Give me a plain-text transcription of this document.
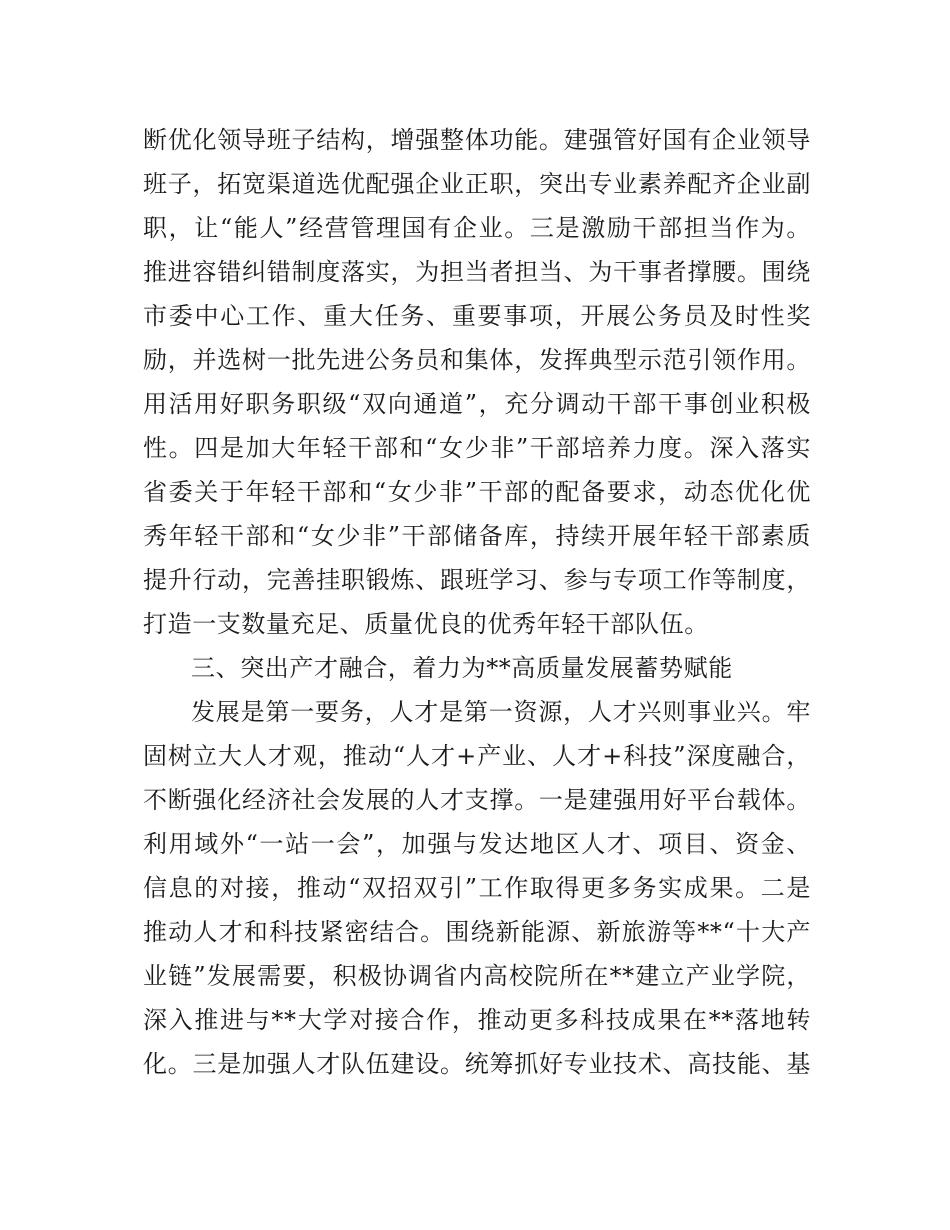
断优化领导班子结构，增强整体功能。建强管好国有企业领导
班子，拓宽渠道选优配强企业正职，突出专业素养配齐企业副
职，让“能人”经营管理国有企业。三是激励干部担当作为。
推进容错纠错制度落实，为担当者担当、为干事者撑腰。围绕
市委中心工作、重大任务、重要事项，开展公务员及时性奖
励，并选树一批先进公务员和集体，发挥典型示范引领作用。
用活用好职务职级“双向通道”，充分调动干部干事创业积极
性。四是加大年轻干部和“女少非”干部培养力度。深入落实
省委关于年轻干部和“女少非”干部的配备要求，动态优化优
秀年轻干部和“女少非”干部储备库，持续开展年轻干部素质
提升行动，完善挂职锻炼、跟班学习、参与专项工作等制度，
打造一支数量充足、质量优良的优秀年轻干部队伍。
三、突出产才融合，着力为**高质量发展蓄势赋能
发展是第一要务，人才是第一资源，人才兴则事业兴。牢
固树立大人才观，推动“人才+产业、人才+科技”深度融合，
不断强化经济社会发展的人才支撑。一是建强用好平台载体。
利用域外“一站一会”，加强与发达地区人才、项目、资金、
信息的对接，推动“双招双引”工作取得更多务实成果。二是
推动人才和科技紧密结合。围绕新能源、新旅游等**“十大产
业链”发展需要，积极协调省内高校院所在**建立产业学院，
深入推进与**大学对接合作，推动更多科技成果在**落地转
化。三是加强人才队伍建设。统筹抓好专业技术、高技能、基
